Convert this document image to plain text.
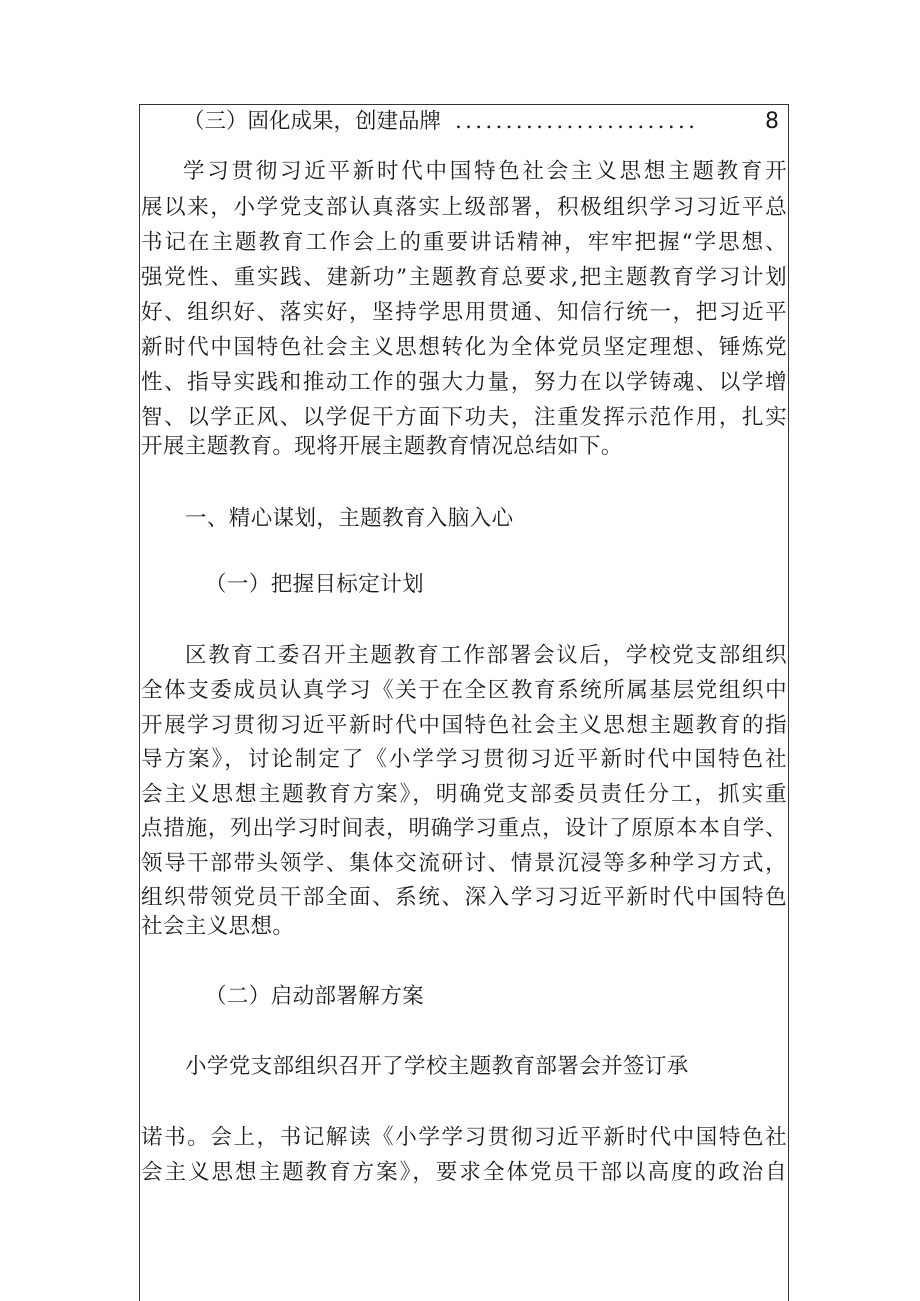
（三）固化成果，创建品牌 ........................	8
学习贯彻习近平新时代中国特色社会主义思想主题教育开
展以来，小学党支部认真落实上级部署，积极组织学习习近平总
书记在主题教育工作会上的重要讲话精神，牢牢把握“学思想、
强党性、重实践、建新功”主题教育总要求,把主题教育学习计划
好、组织好、落实好，坚持学思用贯通、知信行统一，把习近平
新时代中国特色社会主义思想转化为全体党员坚定理想、锤炼党
性、指导实践和推动工作的强大力量，努力在以学铸魂、以学增
智、以学正风、以学促干方面下功夫，注重发挥示范作用，扎实
开展主题教育。现将开展主题教育情况总结如下。
一、精心谋划，主题教育入脑入心
（一）把握目标定计划
区教育工委召开主题教育工作部署会议后，学校党支部组织
全体支委成员认真学习《关于在全区教育系统所属基层党组织中
开展学习贯彻习近平新时代中国特色社会主义思想主题教育的指
导方案》，讨论制定了《小学学习贯彻习近平新时代中国特色社
会主义思想主题教育方案》，明确党支部委员责任分工，抓实重
点措施，列出学习时间表，明确学习重点，设计了原原本本自学、
领导干部带头领学、集体交流研讨、情景沉浸等多种学习方式，
组织带领党员干部全面、系统、深入学习习近平新时代中国特色
社会主义思想。
（二）启动部署解方案
小学党支部组织召开了学校主题教育部署会并签订承
诺书。会上，书记解读《小学学习贯彻习近平新时代中国特色社
会主义思想主题教育方案》，要求全体党员干部以高度的政治自
